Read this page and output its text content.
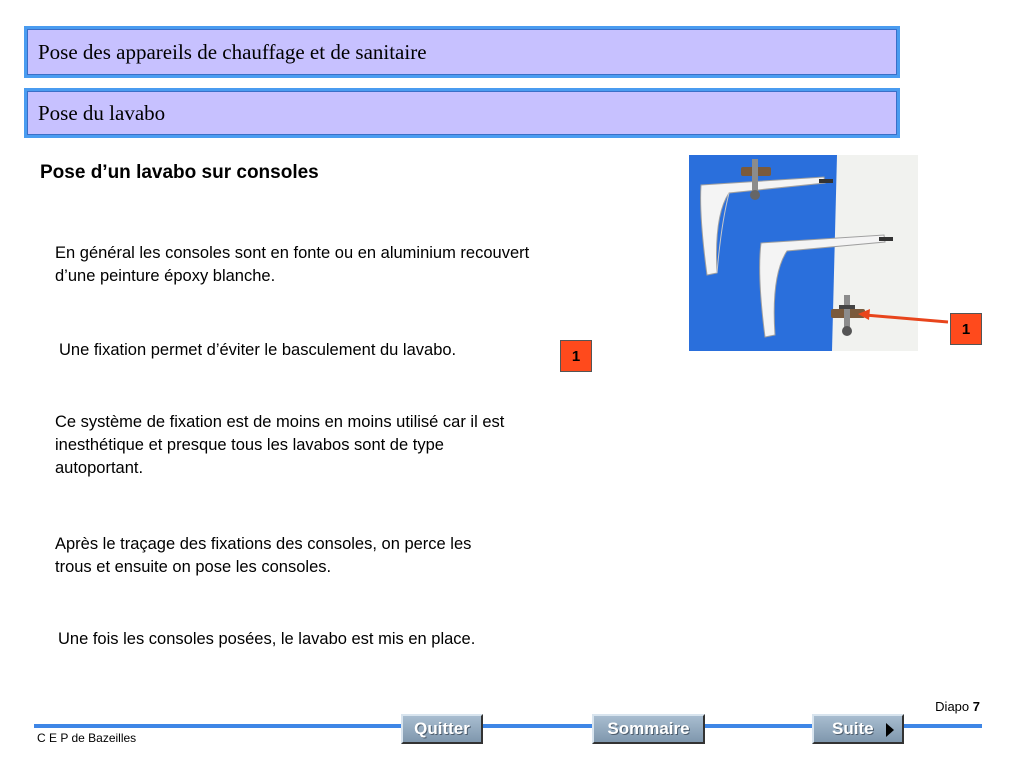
Pose des appareils de chauffage et de sanitaire
Pose du lavabo
Pose d’un lavabo sur consoles
En général les consoles sont en fonte ou en aluminium recouvert d’une peinture époxy blanche.
Une fixation permet d’éviter le basculement du lavabo.	1
Ce système de fixation est de moins en moins utilisé car il est inesthétique et presque tous les lavabos sont de type autoportant.
Après le traçage des fixations des consoles, on perce les trous et ensuite on pose les consoles.
Une fois les consoles posées, le lavabo est mis en place.
1
Diapo 7
C E P de Bazeilles	Quitter	Sommaire	Suite
